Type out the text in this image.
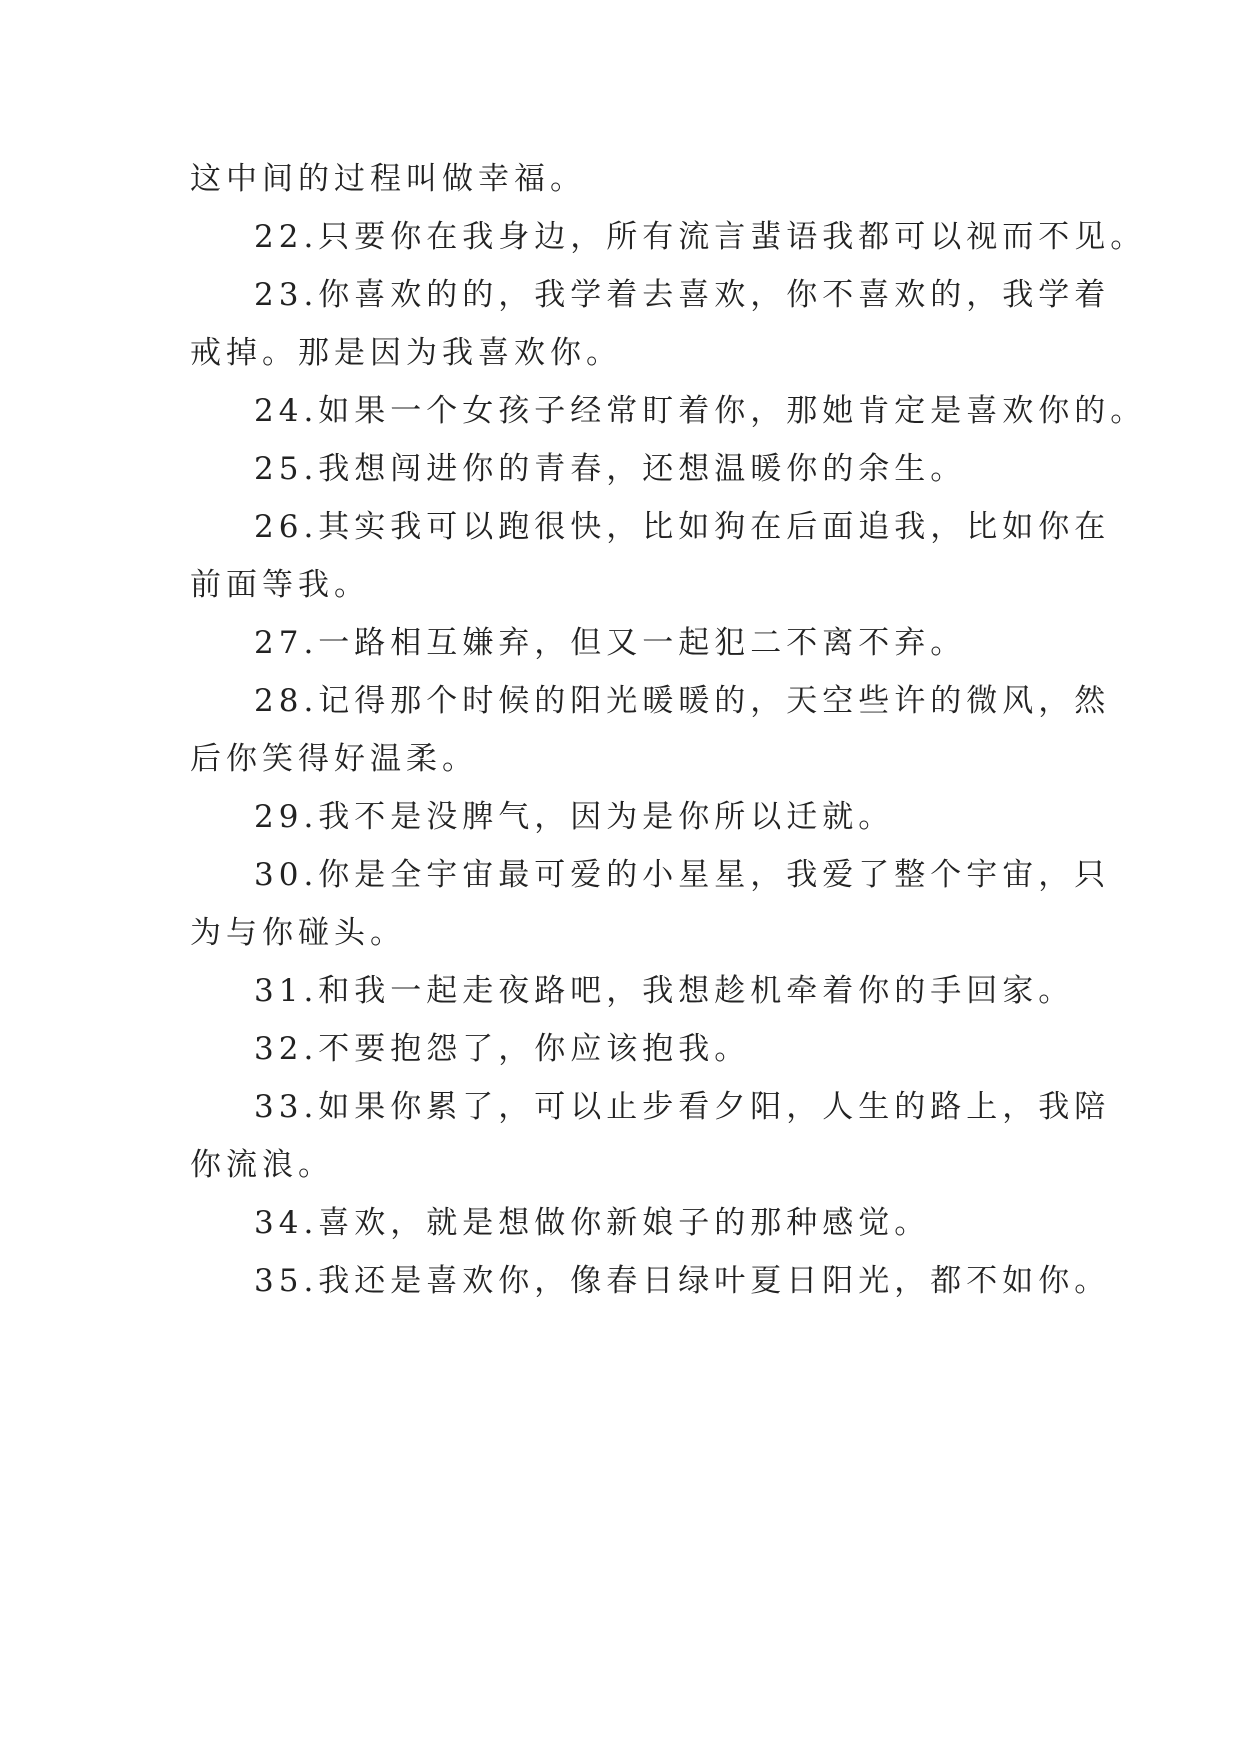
这中间的过程叫做幸福。

22.只要你在我身边，所有流言蜚语我都可以视而不见。

23.你喜欢的的，我学着去喜欢，你不喜欢的，我学着

戒掉。那是因为我喜欢你。

24.如果一个女孩子经常盯着你，那她肯定是喜欢你的。

25.我想闯进你的青春，还想温暖你的余生。

26.其实我可以跑很快，比如狗在后面追我，比如你在

前面等我。

27.一路相互嫌弃，但又一起犯二不离不弃。

28.记得那个时候的阳光暖暖的，天空些许的微风，然

后你笑得好温柔。

29.我不是没脾气，因为是你所以迁就。

30.你是全宇宙最可爱的小星星，我爱了整个宇宙，只

为与你碰头。

31.和我一起走夜路吧，我想趁机牵着你的手回家。

32.不要抱怨了，你应该抱我。

33.如果你累了，可以止步看夕阳，人生的路上，我陪

你流浪。

34.喜欢，就是想做你新娘子的那种感觉。

35.我还是喜欢你，像春日绿叶夏日阳光，都不如你。
